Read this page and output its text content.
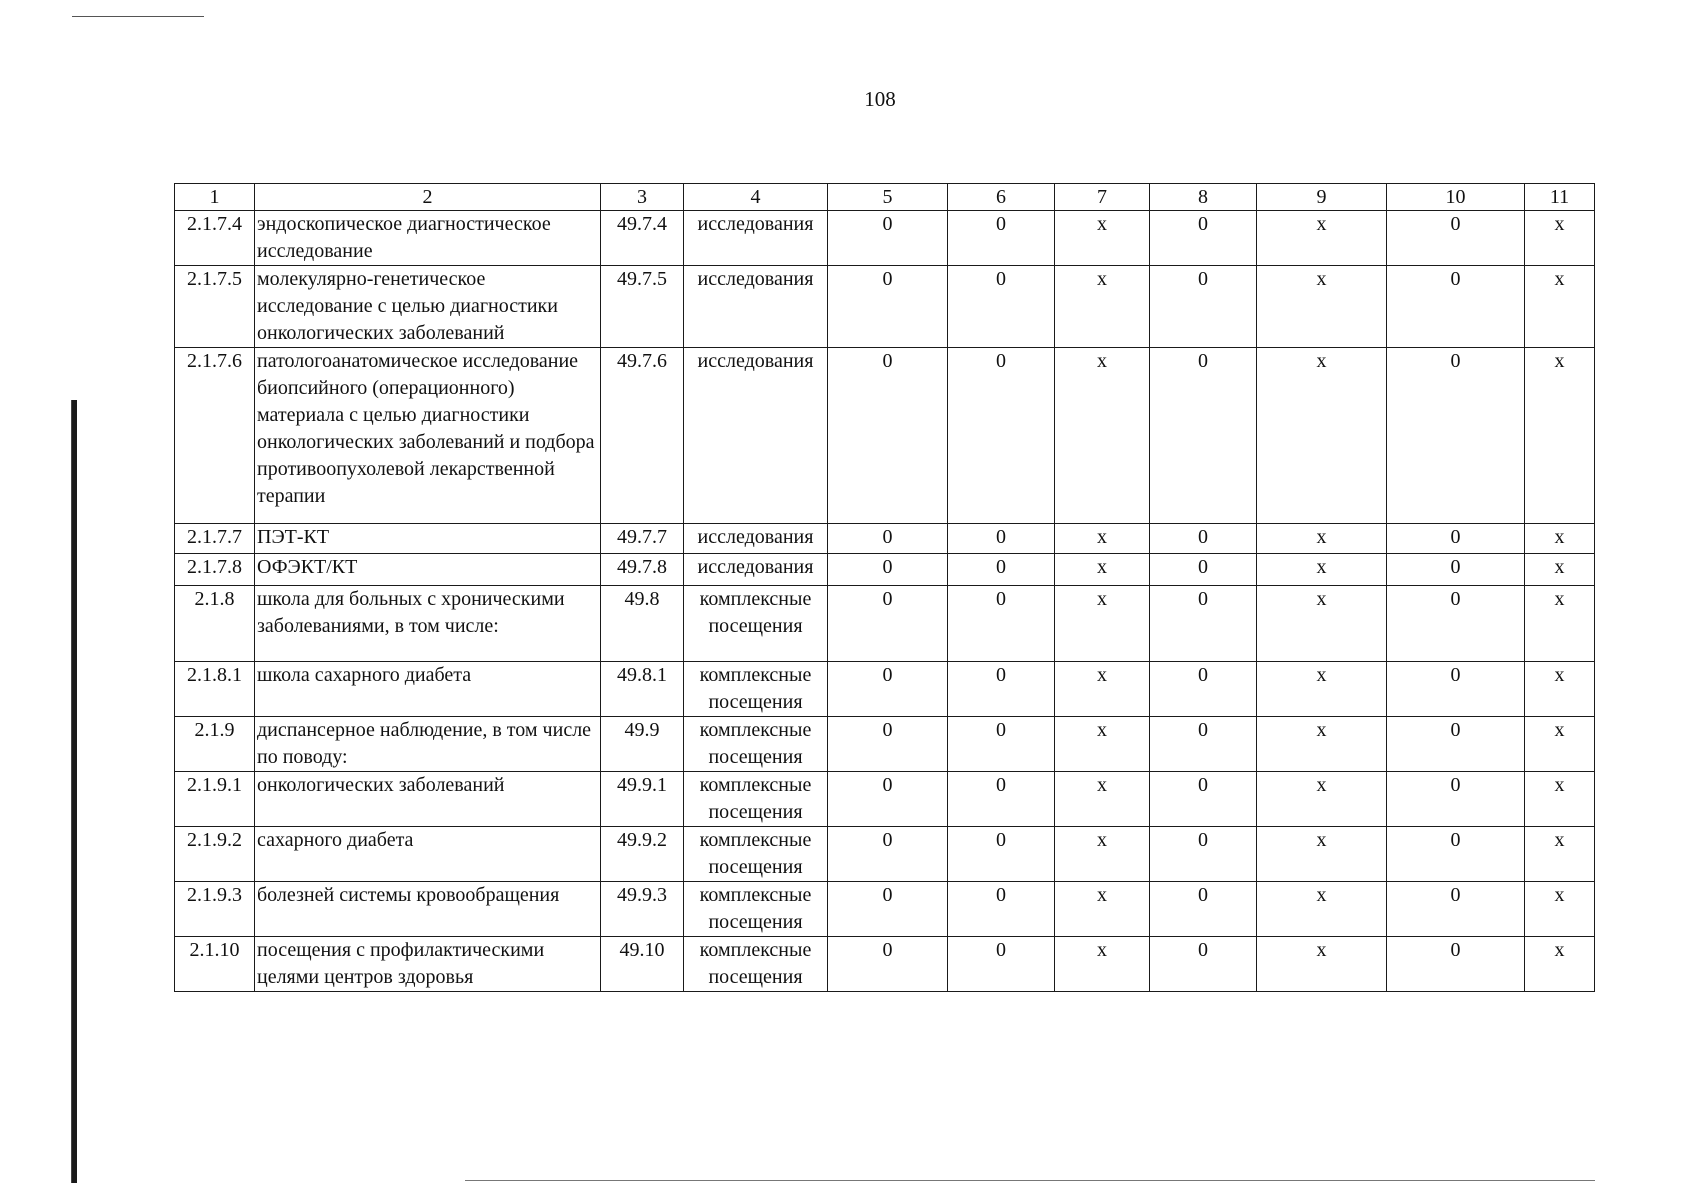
108
1	2	3	4	5	6	7	8	9	10	11
2.1.7.4	эндоскопическое диагностическое исследование	49.7.4	исследования	0	0	х	0	х	0	х
2.1.7.5	молекулярно-генетическое исследование с целью диагностики онкологических заболеваний	49.7.5	исследования	0	0	х	0	х	0	х
2.1.7.6	патологоанатомическое исследование биопсийного (операционного) материала с целью диагностики онкологических заболеваний и подбора противоопухолевой лекарственной терапии	49.7.6	исследования	0	0	х	0	х	0	х
2.1.7.7	ПЭТ-КТ	49.7.7	исследования	0	0	х	0	х	0	х
2.1.7.8	ОФЭКТ/КТ	49.7.8	исследования	0	0	х	0	х	0	х
2.1.8	школа для больных с хроническими заболеваниями, в том числе:	49.8	комплексные посещения	0	0	х	0	х	0	х
2.1.8.1	школа сахарного диабета	49.8.1	комплексные посещения	0	0	х	0	х	0	х
2.1.9	диспансерное наблюдение, в том числе по поводу:	49.9	комплексные посещения	0	0	х	0	х	0	х
2.1.9.1	онкологических заболеваний	49.9.1	комплексные посещения	0	0	х	0	х	0	х
2.1.9.2	сахарного диабета	49.9.2	комплексные посещения	0	0	х	0	х	0	х
2.1.9.3	болезней системы кровообращения	49.9.3	комплексные посещения	0	0	х	0	х	0	х
2.1.10	посещения с профилактическими целями центров здоровья	49.10	комплексные посещения	0	0	х	0	х	0	х
